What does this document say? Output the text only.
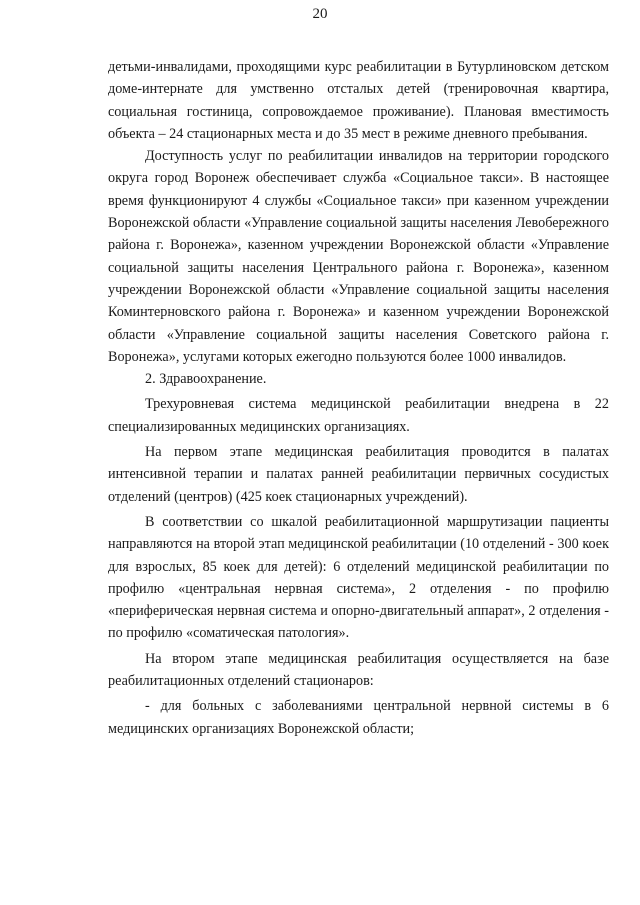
20

детьми-инвалидами, проходящими курс реабилитации в Бутурлиновском детском доме-интернате для умственно отсталых детей (тренировочная квартира, социальная гостиница, сопровождаемое проживание). Плановая вместимость объекта – 24 стационарных места и до 35 мест в режиме дневного пребывания.

Доступность услуг по реабилитации инвалидов на территории городского округа город Воронеж обеспечивает служба «Социальное такси». В настоящее время функционируют 4 службы «Социальное такси» при казенном учреждении Воронежской области «Управление социальной защиты населения Левобережного района г. Воронежа», казенном учреждении Воронежской области «Управление социальной защиты населения Центрального района г. Воронежа», казенном учреждении Воронежской области «Управление социальной защиты населения Коминтерновского района г. Воронежа» и казенном учреждении Воронежской области «Управление социальной защиты населения Советского района г. Воронежа», услугами которых ежегодно пользуются более 1000 инвалидов.

2. Здравоохранение.

Трехуровневая система медицинской реабилитации внедрена в 22 специализированных медицинских организациях.

На первом этапе медицинская реабилитация проводится в палатах интенсивной терапии и палатах ранней реабилитации первичных сосудистых отделений (центров) (425 коек стационарных учреждений).

В соответствии со шкалой реабилитационной маршрутизации пациенты направляются на второй этап медицинской реабилитации (10 отделений - 300 коек для взрослых, 85 коек для детей): 6 отделений медицинской реабилитации по профилю «центральная нервная система», 2 отделения - по профилю «периферическая нервная система и опорно-двигательный аппарат», 2 отделения - по профилю «соматическая патология».

На втором этапе медицинская реабилитация осуществляется на базе реабилитационных отделений стационаров:

- для больных с заболеваниями центральной нервной системы в 6 медицинских организациях Воронежской области;
